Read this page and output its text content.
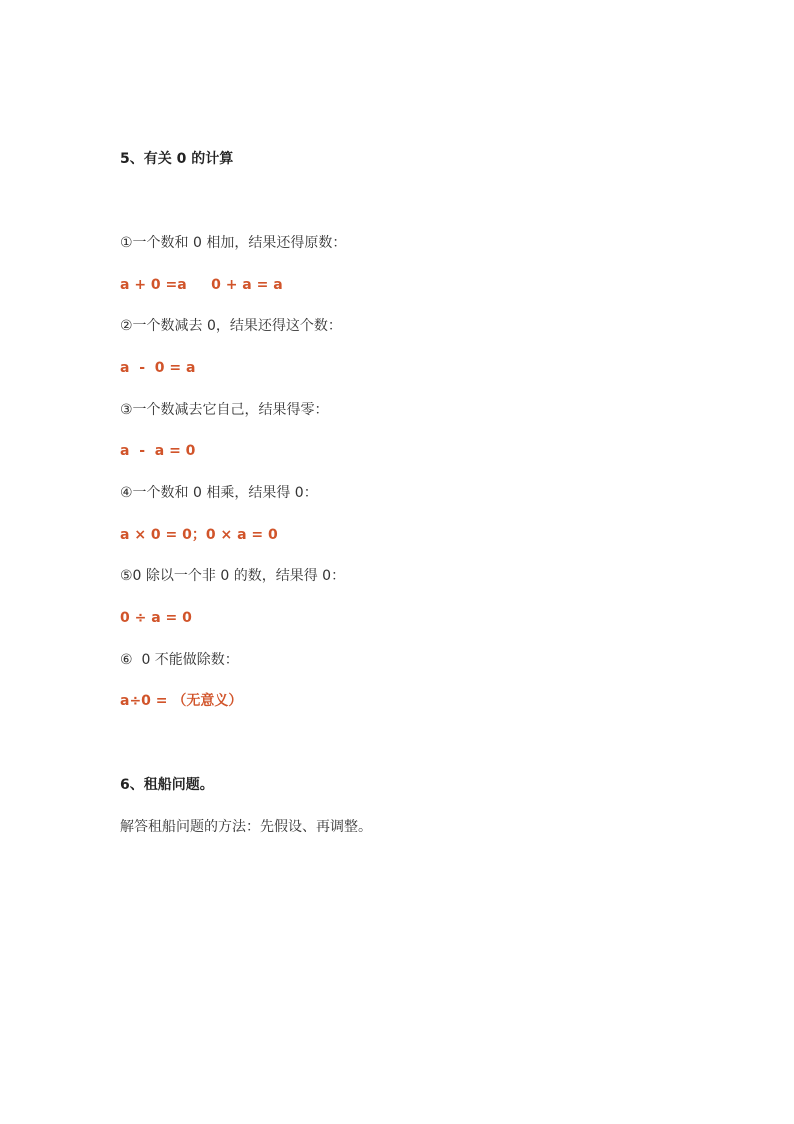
5、有关 0 的计算
①一个数和 0 相加，结果还得原数：
a + 0 =a     0 + a = a
②一个数减去 0，结果还得这个数：
a  -  0 = a
③一个数减去它自己，结果得零：
a  -  a = 0
④一个数和 0 相乘，结果得 0：
a × 0 = 0；0 × a = 0
⑤0 除以一个非 0 的数，结果得 0：
0 ÷ a = 0
⑥  0 不能做除数：
a÷0 = （无意义）
6、租船问题。
解答租船问题的方法：先假设、再调整。
